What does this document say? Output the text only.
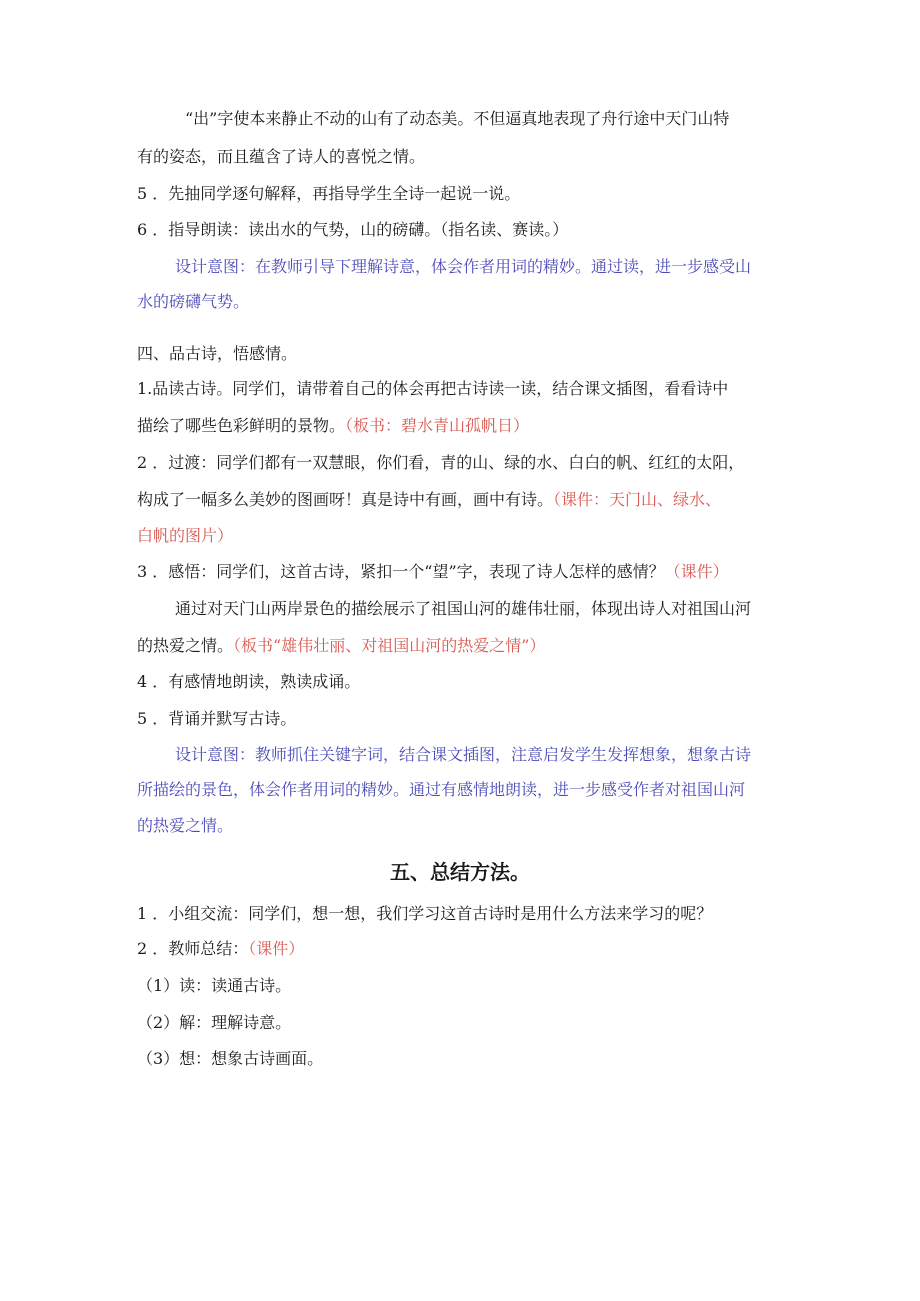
“出”字使本来静止不动的山有了动态美。不但逼真地表现了舟行途中天门山特
有的姿态，而且蕴含了诗人的喜悦之情。
5 ．先抽同学逐句解释，再指导学生全诗一起说一说。
6 ．指导朗读：读出水的气势，山的磅礴。（指名读、赛读。）
设计意图：在教师引导下理解诗意，体会作者用词的精妙。通过读，进一步感受山
水的磅礴气势。
四、品古诗，悟感情。
1.品读古诗。同学们，请带着自己的体会再把古诗读一读，结合课文插图，看看诗中
描绘了哪些色彩鲜明的景物。（板书：碧水青山孤帆日）
2 ．过渡：同学们都有一双慧眼，你们看，青的山、绿的水、白白的帆、红红的太阳，
构成了一幅多么美妙的图画呀！真是诗中有画，画中有诗。（课件：天门山、绿水、
白帆的图片）
3 ．感悟：同学们，这首古诗，紧扣一个“望”字，表现了诗人怎样的感情？（课件）
通过对天门山两岸景色的描绘展示了祖国山河的雄伟壮丽，体现出诗人对祖国山河
的热爱之情。（板书“雄伟壮丽、对祖国山河的热爱之情”）
4 ．有感情地朗读，熟读成诵。
5 ．背诵并默写古诗。
设计意图：教师抓住关键字词，结合课文插图，注意启发学生发挥想象，想象古诗
所描绘的景色，体会作者用词的精妙。通过有感情地朗读，进一步感受作者对祖国山河
的热爱之情。
五、总结方法。
1 ．小组交流：同学们，想一想，我们学习这首古诗时是用什么方法来学习的呢？
2 ．教师总结：（课件）
（1）读：读通古诗。
（2）解：理解诗意。
（3）想：想象古诗画面。
